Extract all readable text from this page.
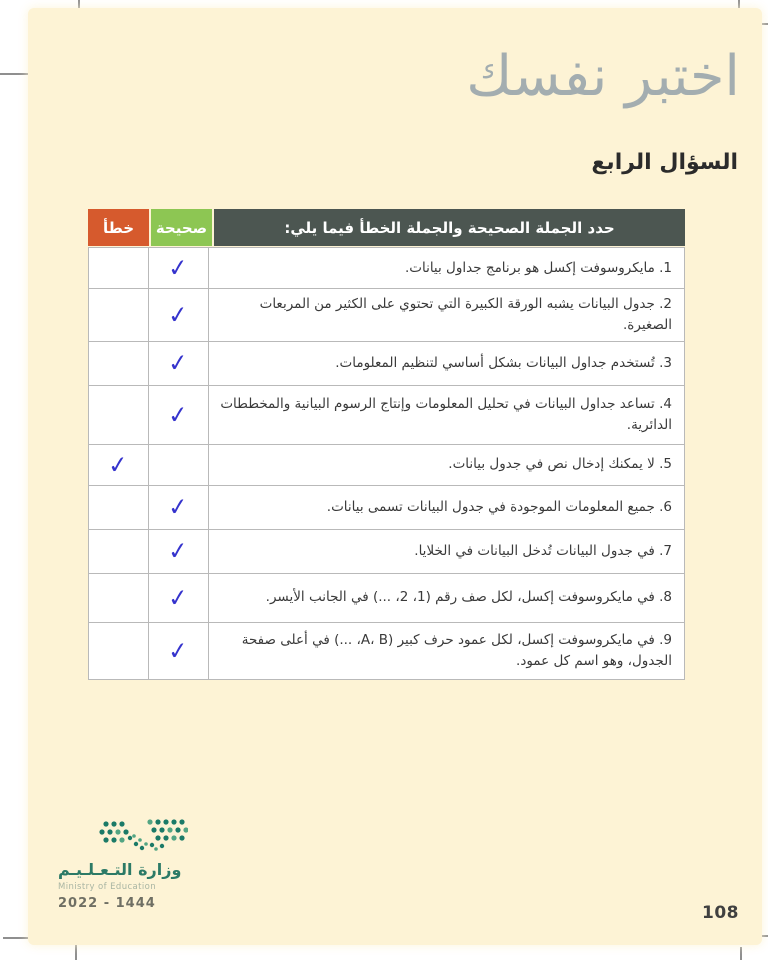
اختبر نفسك
السؤال الرابع
حدد الجملة الصحيحة والجملة الخطأ فيما يلي:
صحيحة
خطأ
1. مايكروسوفت إكسل هو برنامج جداول بيانات.
✓
2. جدول البيانات يشبه الورقة الكبيرة التي تحتوي على الكثير من المربعات الصغيرة.
✓
3. تُستخدم جداول البيانات بشكل أساسي لتنظيم المعلومات.
✓
4. تساعد جداول البيانات في تحليل المعلومات وإنتاج الرسوم البيانية والمخططات الدائرية.
✓
5. لا يمكنك إدخال نص في جدول بيانات.
✓
6. جميع المعلومات الموجودة في جدول البيانات تسمى بيانات.
✓
7. في جدول البيانات تُدخل البيانات في الخلايا.
✓
8. في مايكروسوفت إكسل، لكل صف رقم (1، 2، ...) في الجانب الأيسر.
✓
9. في مايكروسوفت إكسل، لكل عمود حرف كبير (A، B، ...) في أعلى صفحة الجدول، وهو اسم كل عمود.
✓
وزارة التـعـلـيـم
Ministry of Education
2022 - 1444	108
